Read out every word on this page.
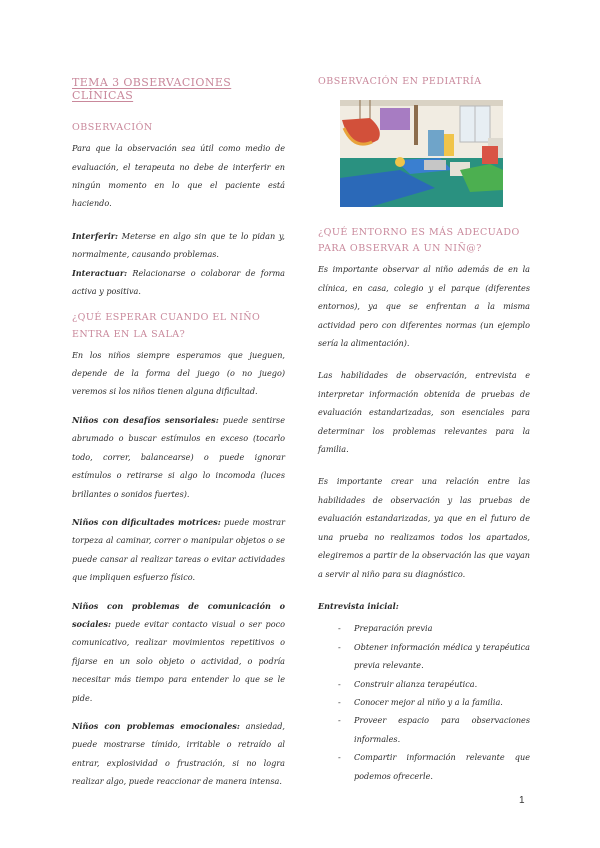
TEMA 3 OBSERVACIONES CLÍNICAS
OBSERVACIÓN

Para que la observación sea útil como medio de evaluación, el terapeuta no debe de interferir en ningún momento en lo que el paciente está haciendo.

Interferir: Meterse en algo sin que te lo pidan y, normalmente, causando problemas.

Interactuar: Relacionarse o colaborar de forma activa y positiva.

¿QUÉ ESPERAR CUANDO EL NIÑO ENTRA EN LA SALA?

En los niños siempre esperamos que jueguen, depende de la forma del juego (o no juego) veremos si los niños tienen alguna dificultad.

Niños con desafíos sensoriales: puede sentirse abrumado o buscar estímulos en exceso (tocarlo todo, correr, balancearse) o puede ignorar estímulos o retirarse si algo lo incomoda (luces brillantes o sonidos fuertes).

Niños con dificultades motrices: puede mostrar torpeza al caminar, correr o manipular objetos o se puede cansar al realizar tareas o evitar actividades que impliquen esfuerzo físico.

Niños con problemas de comunicación o sociales: puede evitar contacto visual o ser poco comunicativo, realizar movimientos repetitivos o fijarse en un solo objeto o actividad, o podría necesitar más tiempo para entender lo que se le pide.

Niños con problemas emocionales: ansiedad, puede mostrarse tímido, irritable o retraído al entrar, explosividad o frustración, si no logra realizar algo, puede reaccionar de manera intensa.

OBSERVACIÓN EN PEDIATRÍA
¿QUÉ ENTORNO ES MÁS ADECUADO PARA OBSERVAR A UN NIÑ@?

Es importante observar al niño además de en la clínica, en casa, colegio y el parque (diferentes entornos), ya que se enfrentan a la misma actividad pero con diferentes normas (un ejemplo sería la alimentación).

Las habilidades de observación, entrevista e interpretar información obtenida de pruebas de evaluación estandarizadas, son esenciales para determinar los problemas relevantes para la familia.

Es importante crear una relación entre las habilidades de observación y las pruebas de evaluación estandarizadas, ya que en el futuro de una prueba no realizamos todos los apartados, elegiremos a partir de la observación las que vayan a servir al niño para su diagnóstico.

Entrevista inicial:

- Preparación previa
- Obtener información médica y terapéutica previa relevante.
- Construir alianza terapéutica.
- Conocer mejor al niño y a la familia.
- Proveer espacio para observaciones informales.
- Compartir información relevante que podemos ofrecerle.
1
